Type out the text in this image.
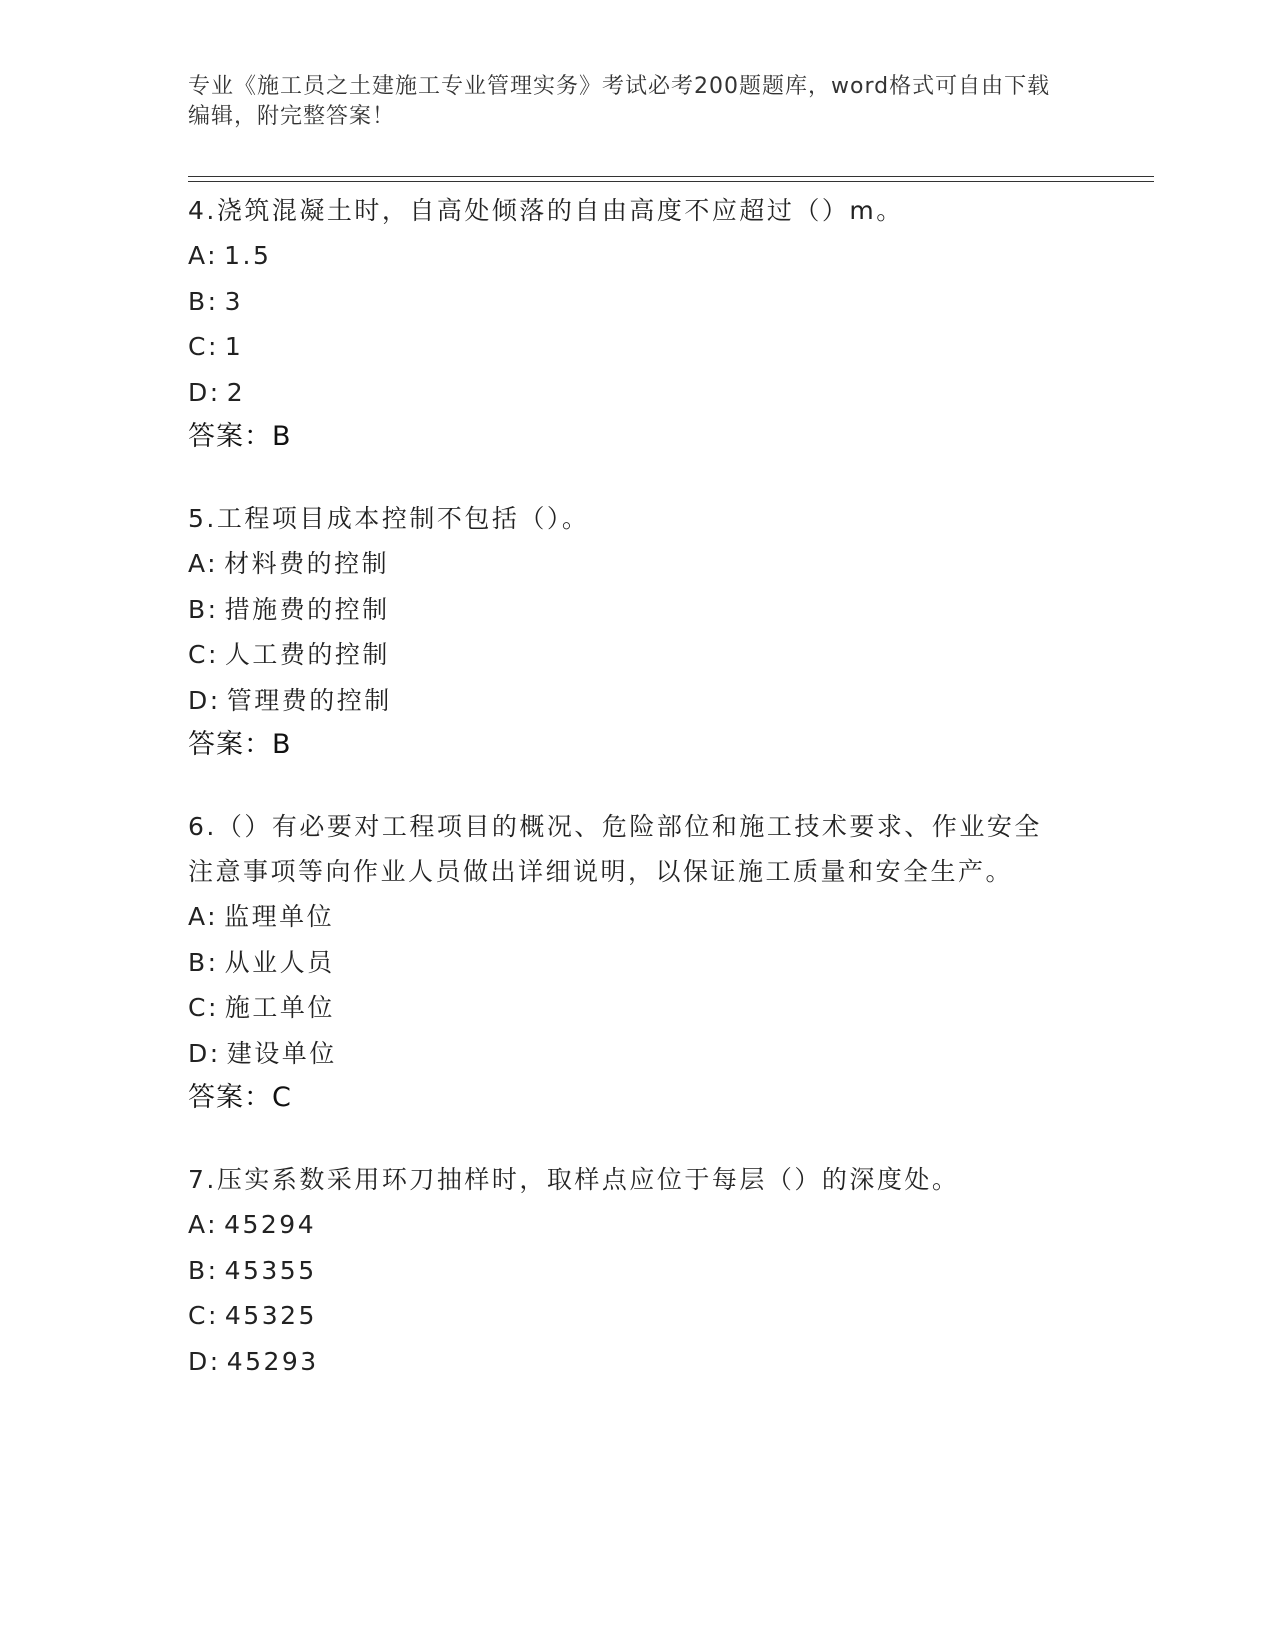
专业《施工员之土建施工专业管理实务》考试必考200题题库，word格式可自由下载编辑，附完整答案！
4.浇筑混凝土时，自高处倾落的自由高度不应超过（）m。
A: 1.5
B: 3
C: 1
D: 2
答案：B
5.工程项目成本控制不包括（）。
A: 材料费的控制
B: 措施费的控制
C: 人工费的控制
D: 管理费的控制
答案：B
6.（）有必要对工程项目的概况、危险部位和施工技术要求、作业安全注意事项等向作业人员做出详细说明，以保证施工质量和安全生产。
A: 监理单位
B: 从业人员
C: 施工单位
D: 建设单位
答案：C
7.压实系数采用环刀抽样时，取样点应位于每层（）的深度处。
A: 45294
B: 45355
C: 45325
D: 45293
